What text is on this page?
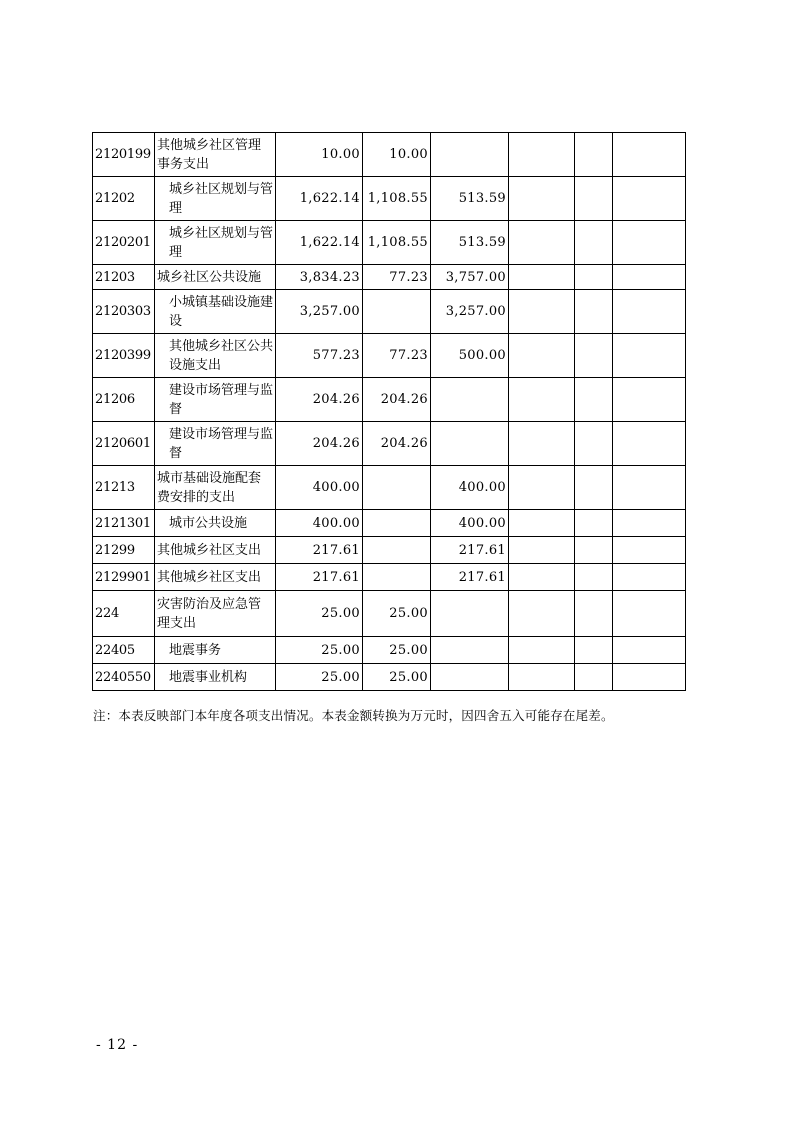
2120199	其他城乡社区管理事务支出	10.00	10.00				
21202	城乡社区规划与管理	1,622.14	1,108.55	513.59			
2120201	城乡社区规划与管理	1,622.14	1,108.55	513.59			
21203	城乡社区公共设施	3,834.23	77.23	3,757.00			
2120303	小城镇基础设施建设	3,257.00		3,257.00			
2120399	其他城乡社区公共设施支出	577.23	77.23	500.00			
21206	建设市场管理与监督	204.26	204.26				
2120601	建设市场管理与监督	204.26	204.26				
21213	城市基础设施配套费安排的支出	400.00		400.00			
2121301	城市公共设施	400.00		400.00			
21299	其他城乡社区支出	217.61		217.61			
2129901	其他城乡社区支出	217.61		217.61			
224	灾害防治及应急管理支出	25.00	25.00				
22405	地震事务	25.00	25.00				
2240550	地震事业机构	25.00	25.00				
注：本表反映部门本年度各项支出情况。本表金额转换为万元时，因四舍五入可能存在尾差。
- 12 -
